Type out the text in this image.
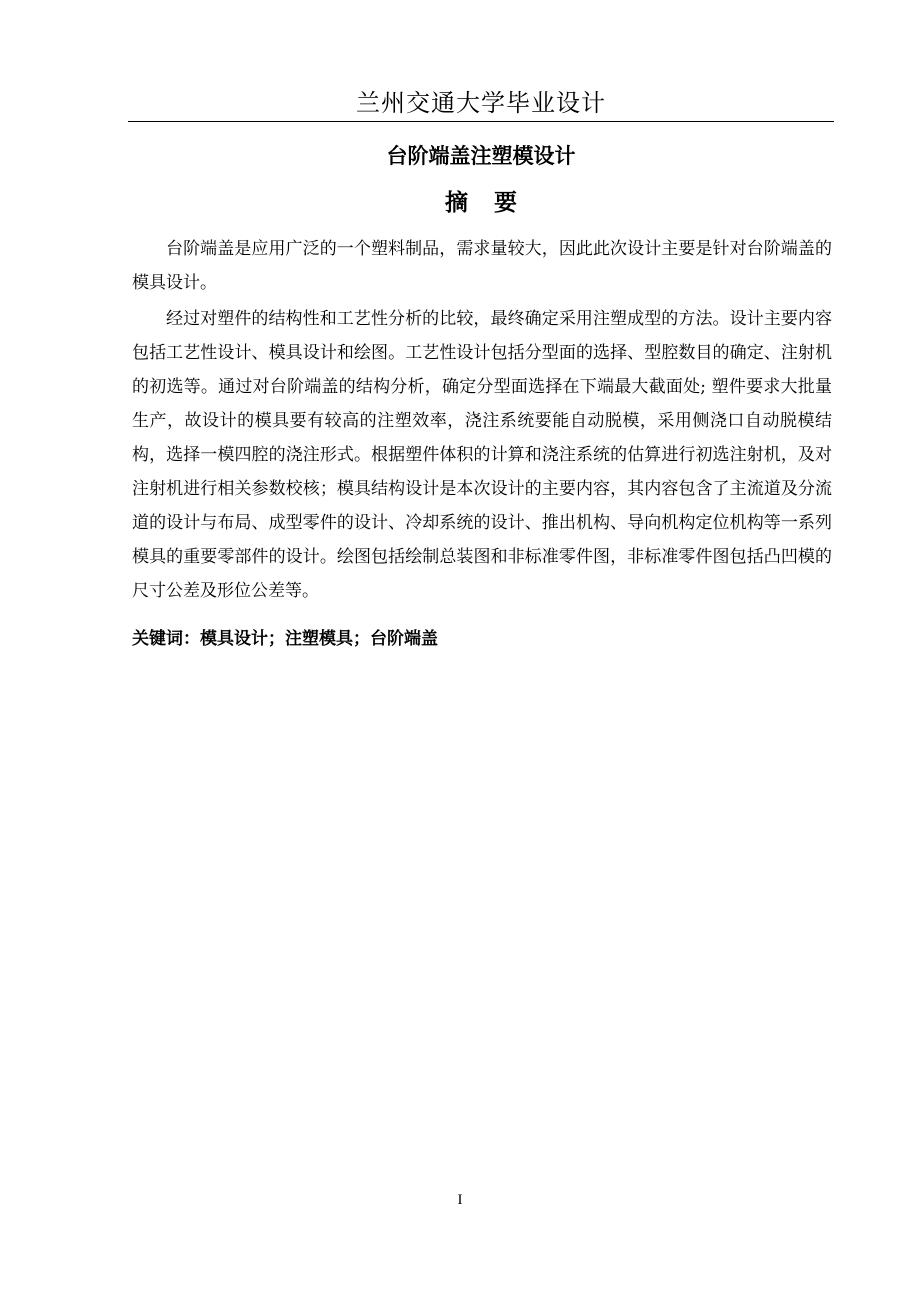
兰州交通大学毕业设计
台阶端盖注塑模设计
摘 要

台阶端盖是应用广泛的一个塑料制品，需求量较大，因此此次设计主要是针对台阶端盖的模具设计。

经过对塑件的结构性和工艺性分析的比较，最终确定采用注塑成型的方法。设计主要内容包括工艺性设计、模具设计和绘图。工艺性设计包括分型面的选择、型腔数目的确定、注射机的初选等。通过对台阶端盖的结构分析，确定分型面选择在下端最大截面处; 塑件要求大批量生产，故设计的模具要有较高的注塑效率，浇注系统要能自动脱模，采用侧浇口自动脱模结构，选择一模四腔的浇注形式。根据塑件体积的计算和浇注系统的估算进行初选注射机，及对注射机进行相关参数校核；模具结构设计是本次设计的主要内容，其内容包含了主流道及分流道的设计与布局、成型零件的设计、冷却系统的设计、推出机构、导向机构定位机构等一系列模具的重要零部件的设计。绘图包括绘制总装图和非标准零件图，非标准零件图包括凸凹模的尺寸公差及形位公差等。

关键词：模具设计；注塑模具；台阶端盖
I
